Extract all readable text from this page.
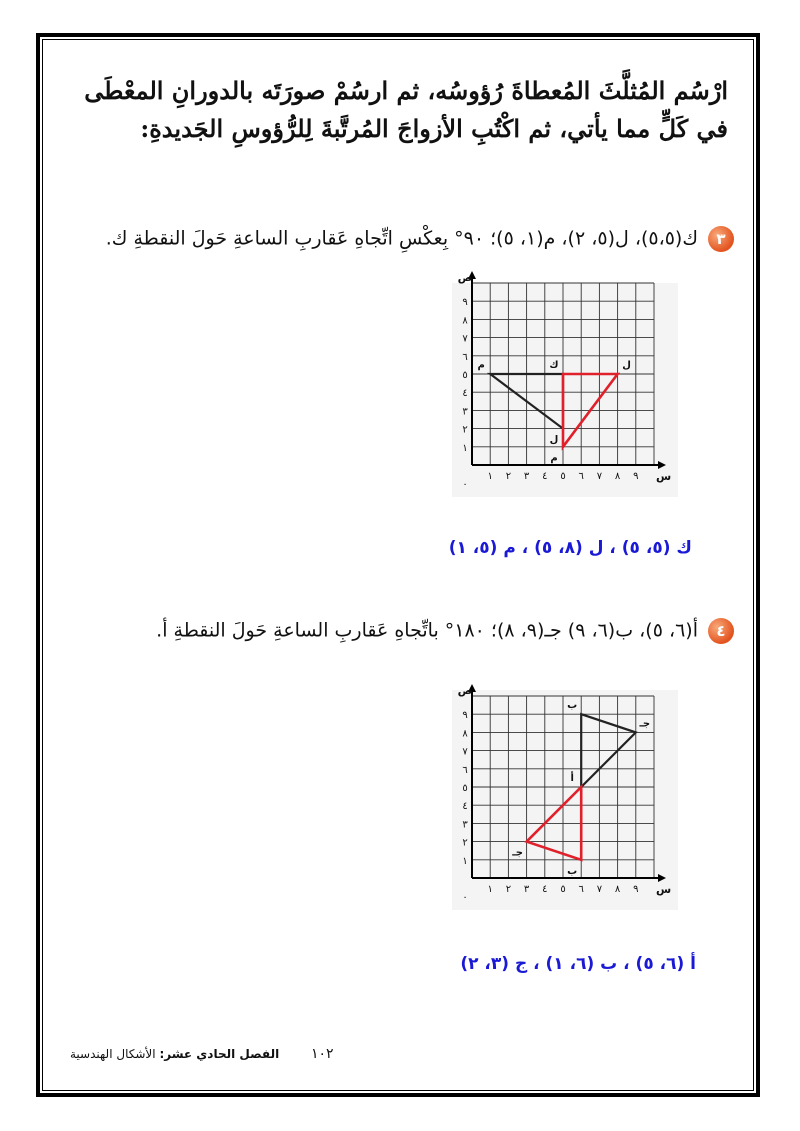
ارْسُم المُثلَّثَ المُعطاةَ رُؤوسُه، ثم ارسُمْ صورَتَه بالدورانِ المعْطَى
في كَلٍّ مما يأتي، ثم اكْتُبِ الأزواجَ المُرتَّبةَ لِلرُّؤوسِ الجَديدةِ:
٣ك(٥،٥)، ل(٥، ٢)، م(١، ٥)؛ ٩٠° بِعكْسِ اتِّجاهِ عَقاربِ الساعةِ حَولَ النقطةِ ك.
١
١
٢
٢
٣
٣
٤
٤
٥
٥
٦
٦
٧
٧
٨
٨
٩
٩
٠
س
ص
ك
ل
م	ل
م
ك (٥، ٥) ، ل (٨، ٥) ، م (٥، ١)
٤أ(٦، ٥)، ب(٦، ٩) جـ(٩، ٨)؛ ١٨٠° باتِّجاهِ عَقاربِ الساعةِ حَولَ النقطةِ أ.
١
١
٢
٢
٣
٣
٤
٤
٥
٥
٦
٦
٧
٧
٨
٨
٩
٩
٠
س
ص
أ
ب
جـ
ب
جـ
أ (٦، ٥) ، ب (٦، ١) ، ج (٣، ٢)
١٠٢ الفصل الحادي عشر: الأشكال الهندسية
